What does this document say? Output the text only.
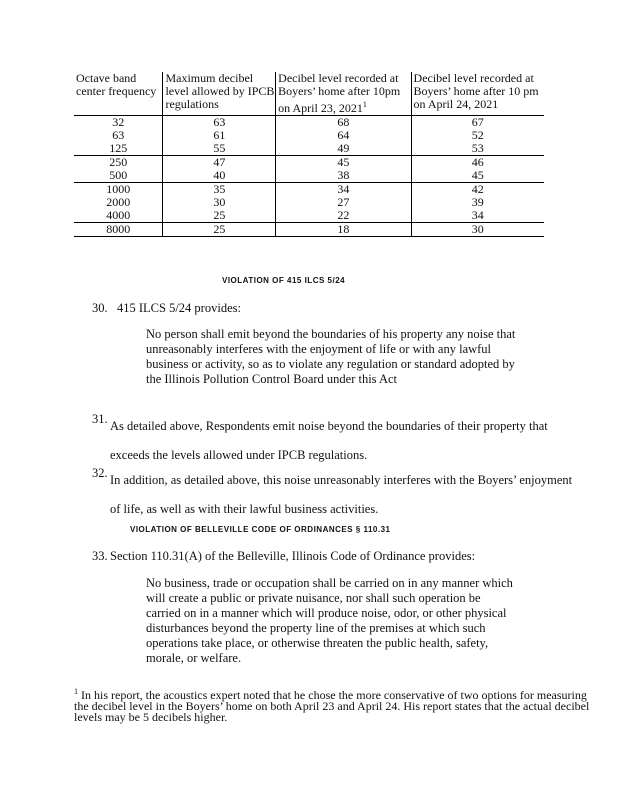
Octave band center frequency	Maximum decibel level allowed by IPCB regulations	Decibel level recorded at Boyers’ home after 10pm on April 23, 2021$^1$	Decibel level recorded at Boyers’ home after 10 pm on April 24, 2021
32	63	68	67
63	61	64	52
125	55	49	53
250	47	45	46
500	40	38	45
1000	35	34	42
2000	30	27	39
4000	25	22	34
8000	25	18	30
VIOLATION OF 415 ILCS 5/24
30. 415 ILCS 5/24 provides:
No person shall emit beyond the boundaries of his property any noise that unreasonably interferes with the enjoyment of life or with any lawful business or activity, so as to violate any regulation or standard adopted by the Illinois Pollution Control Board under this Act
31. As detailed above, Respondents emit noise beyond the boundaries of their property that exceeds the levels allowed under IPCB regulations.
32. In addition, as detailed above, this noise unreasonably interferes with the Boyers’ enjoyment of life, as well as with their lawful business activities.
VIOLATION OF BELLEVILLE CODE OF ORDINANCES § 110.31
33. Section 110.31(A) of the Belleville, Illinois Code of Ordinance provides:
No business, trade or occupation shall be carried on in any manner which will create a public or private nuisance, nor shall such operation be carried on in a manner which will produce noise, odor, or other physical disturbances beyond the property line of the premises at which such operations take place, or otherwise threaten the public health, safety, morale, or welfare.
$^1$ In his report, the acoustics expert noted that he chose the more conservative of two options for measuring the decibel level in the Boyers’ home on both April 23 and April 24. His report states that the actual decibel levels may be 5 decibels higher.
